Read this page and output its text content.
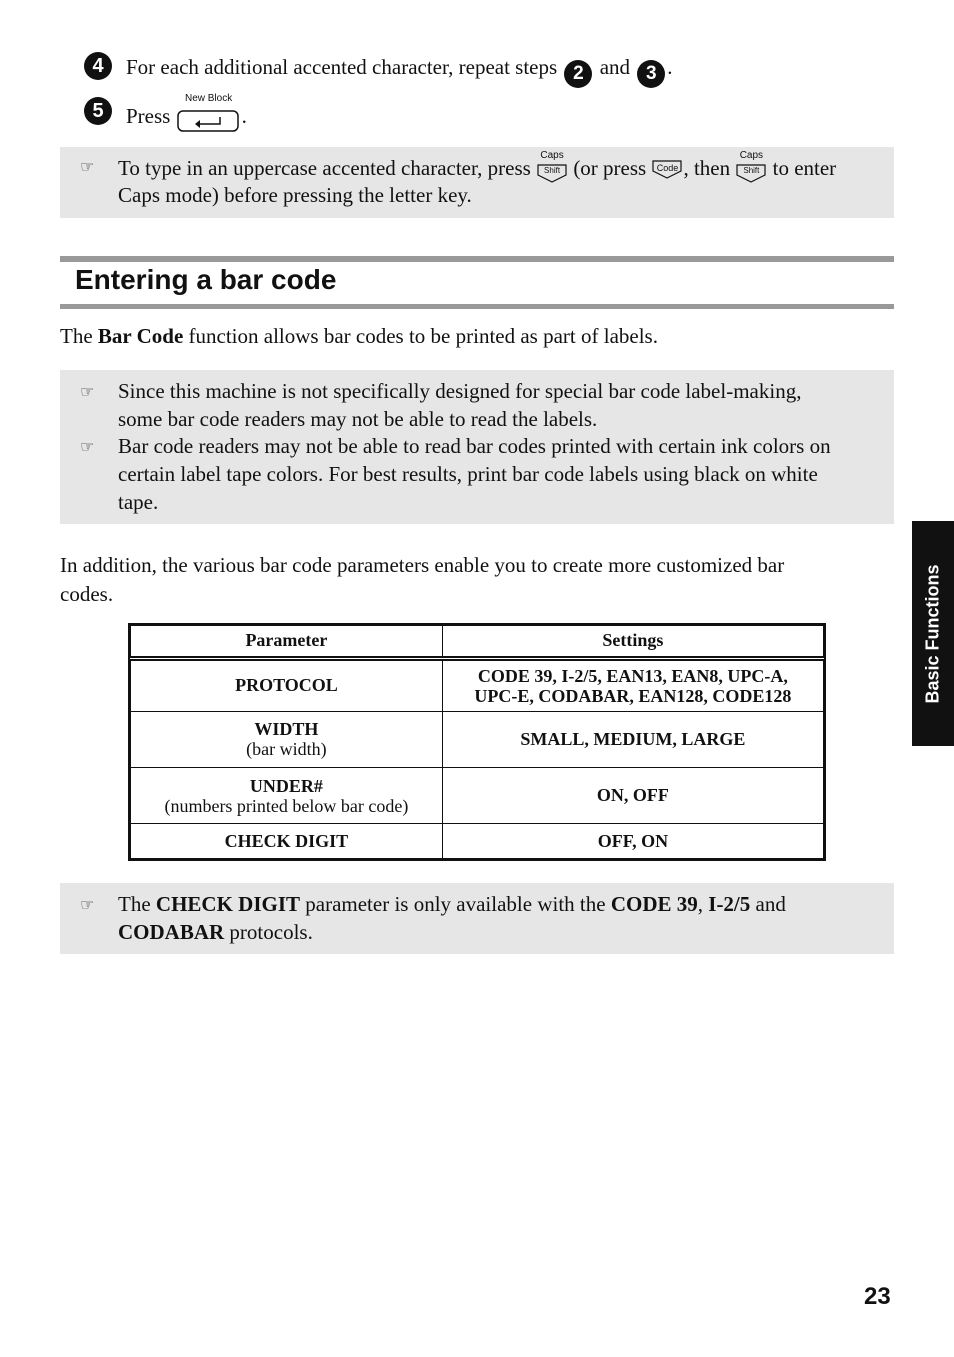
4	For each additional accented character, repeat steps 2 and 3 .
5	Press
New Block
.
☞ To type in an uppercase accented character, press
Caps
Shift (or press	Code , then
Caps
Shift to enter
Caps mode) before pressing the letter key.
Entering a bar code
The Bar Code function allows bar codes to be printed as part of labels.
☞ Since this machine is not specifically designed for special bar code label-making,
some bar code readers may not be able to read the labels.
☞ Bar code readers may not be able to read bar codes printed with certain ink colors on
certain label tape colors. For best results, print bar code labels using black on white
tape.
In addition, the various bar code parameters enable you to create more customized bar
codes.
Parameter	Settings
PROTOCOL	CODE 39, I-2/5, EAN13, EAN8, UPC-A,
UPC-E, CODABAR, EAN128, CODE128
WIDTH
(bar width)	SMALL, MEDIUM, LARGE
UNDER#
(numbers printed below bar code)	ON, OFF
CHECK DIGIT	OFF, ON
☞ The CHECK DIGIT parameter is only available with the CODE 39, I-2/5 and
CODABAR protocols.
Basic Functions
23
